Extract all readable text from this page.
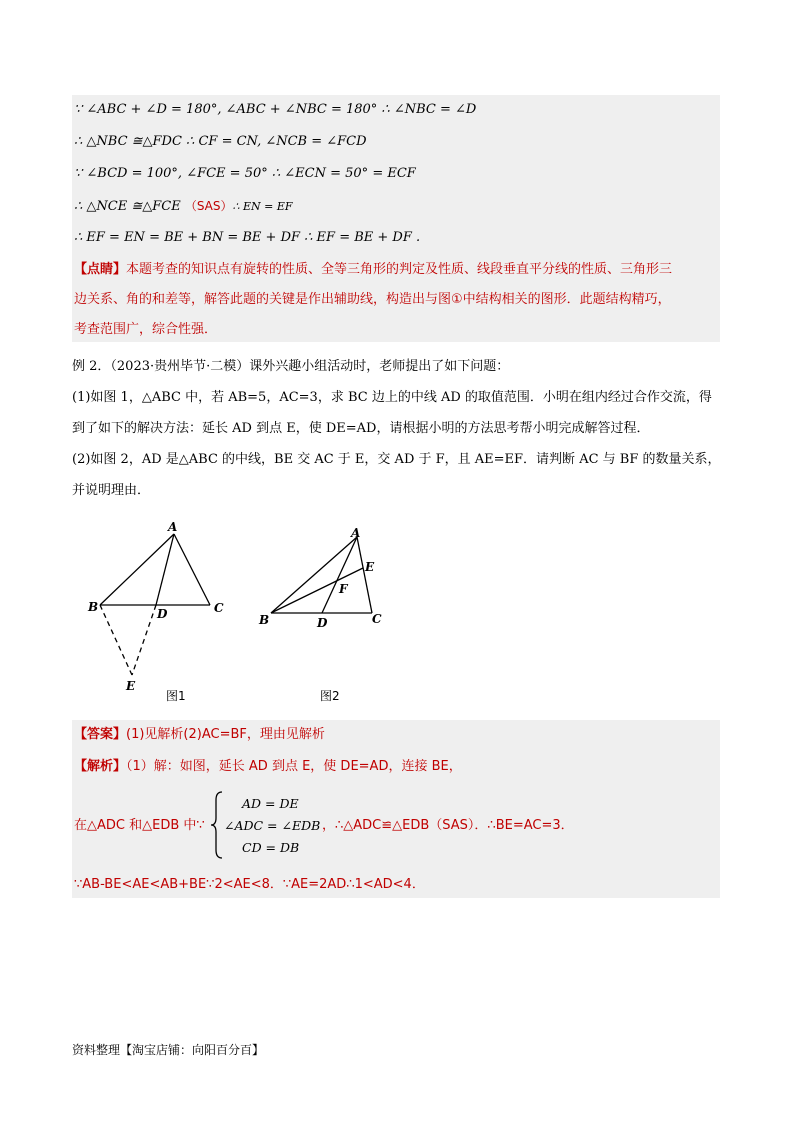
∵ ∠ABC + ∠D = 180°, ∠ABC + ∠NBC = 180° ∴ ∠NBC = ∠D
∴ △NBC ≅△FDC ∴ CF = CN, ∠NCB = ∠FCD
∵ ∠BCD = 100°, ∠FCE = 50° ∴ ∠ECN = 50° = ECF
∴ △NCE ≅△FCE （SAS）∴ EN = EF
∴ EF = EN = BE + BN = BE + DF ∴ EF = BE + DF .
【点睛】本题考查的知识点有旋转的性质、全等三角形的判定及性质、线段垂直平分线的性质、三角形三
边关系、角的和差等，解答此题的关键是作出辅助线，构造出与图①中结构相关的图形．此题结构精巧，
考查范围广，综合性强．
例 2．（2023·贵州毕节·二模）课外兴趣小组活动时，老师提出了如下问题：
(1)如图 1，△ABC 中，若 AB=5，AC=3，求 BC 边上的中线 AD 的取值范围．小明在组内经过合作交流，得
到了如下的解决方法：延长 AD 到点 E，使 DE=AD，请根据小明的方法思考帮小明完成解答过程．
(2)如图 2，AD 是△ABC 的中线，BE 交 AC 于 E，交 AD 于 F，且 AE=EF．请判断 AC 与 BF 的数量关系，
并说明理由．
A
B	C
D
E
图1
A
B	C
D
E
F
图2
【答案】(1)见解析(2)AC=BF，理由见解析
【解析】（1）解：如图，延长 AD 到点 E，使 DE=AD，连接 BE，
在△ADC 和△EDB 中∵
AD = DE
∠ADC = ∠EDB
CD = DB
，∴△ADC≌△EDB（SAS）．∴BE=AC=3．
∵AB-BE<AE<AB+BE∵2<AE<8．∵AE=2AD∴1<AD<4．
资料整理【淘宝店铺：向阳百分百】
